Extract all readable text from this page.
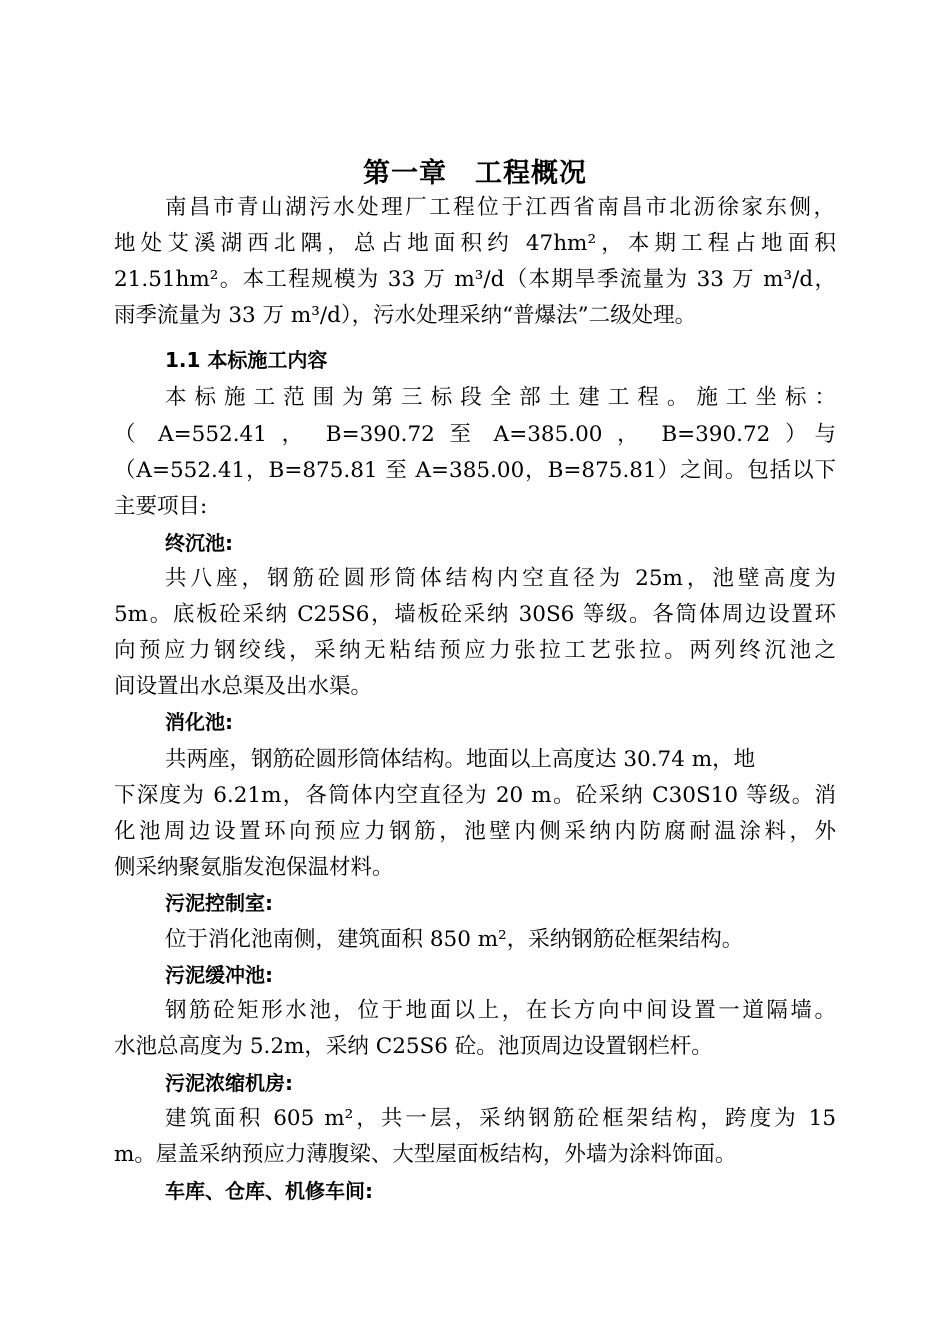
第一章　工程概况
南昌市青山湖污水处理厂工程位于江西省南昌市北沥徐家东侧，
地处艾溪湖西北隅，总占地面积约 47hm²，本期工程占地面积
21.51hm²。本工程规模为 33 万 m³/d（本期旱季流量为 33 万 m³/d，
雨季流量为 33 万 m³/d），污水处理采纳“普爆法”二级处理。
1.1 本标施工内容
本标施工范围为第三标段全部土建工程。施工坐标：
（ A=552.41 ， B=390.72 至 A=385.00 ， B=390.72 ）与
（A=552.41，B=875.81 至 A=385.00，B=875.81）之间。包括以下
主要项目:
终沉池:
共八座，钢筋砼圆形筒体结构内空直径为 25m，池壁高度为
5m。底板砼采纳 C25S6，墙板砼采纳 30S6 等级。各筒体周边设置环
向预应力钢绞线，采纳无粘结预应力张拉工艺张拉。两列终沉池之
间设置出水总渠及出水渠。
消化池:
共两座，钢筋砼圆形筒体结构。地面以上高度达 30.74 m，地
下深度为 6.21m，各筒体内空直径为 20 m。砼采纳 C30S10 等级。消
化池周边设置环向预应力钢筋，池壁内侧采纳内防腐耐温涂料，外
侧采纳聚氨脂发泡保温材料。
污泥控制室:
位于消化池南侧，建筑面积 850 m²，采纳钢筋砼框架结构。
污泥缓冲池:
钢筋砼矩形水池，位于地面以上，在长方向中间设置一道隔墙。
水池总高度为 5.2m，采纳 C25S6 砼。池顶周边设置钢栏杆。
污泥浓缩机房:
建筑面积 605 m²，共一层，采纳钢筋砼框架结构，跨度为 15
m。屋盖采纳预应力薄腹梁、大型屋面板结构，外墙为涂料饰面。
车库、仓库、机修车间:
